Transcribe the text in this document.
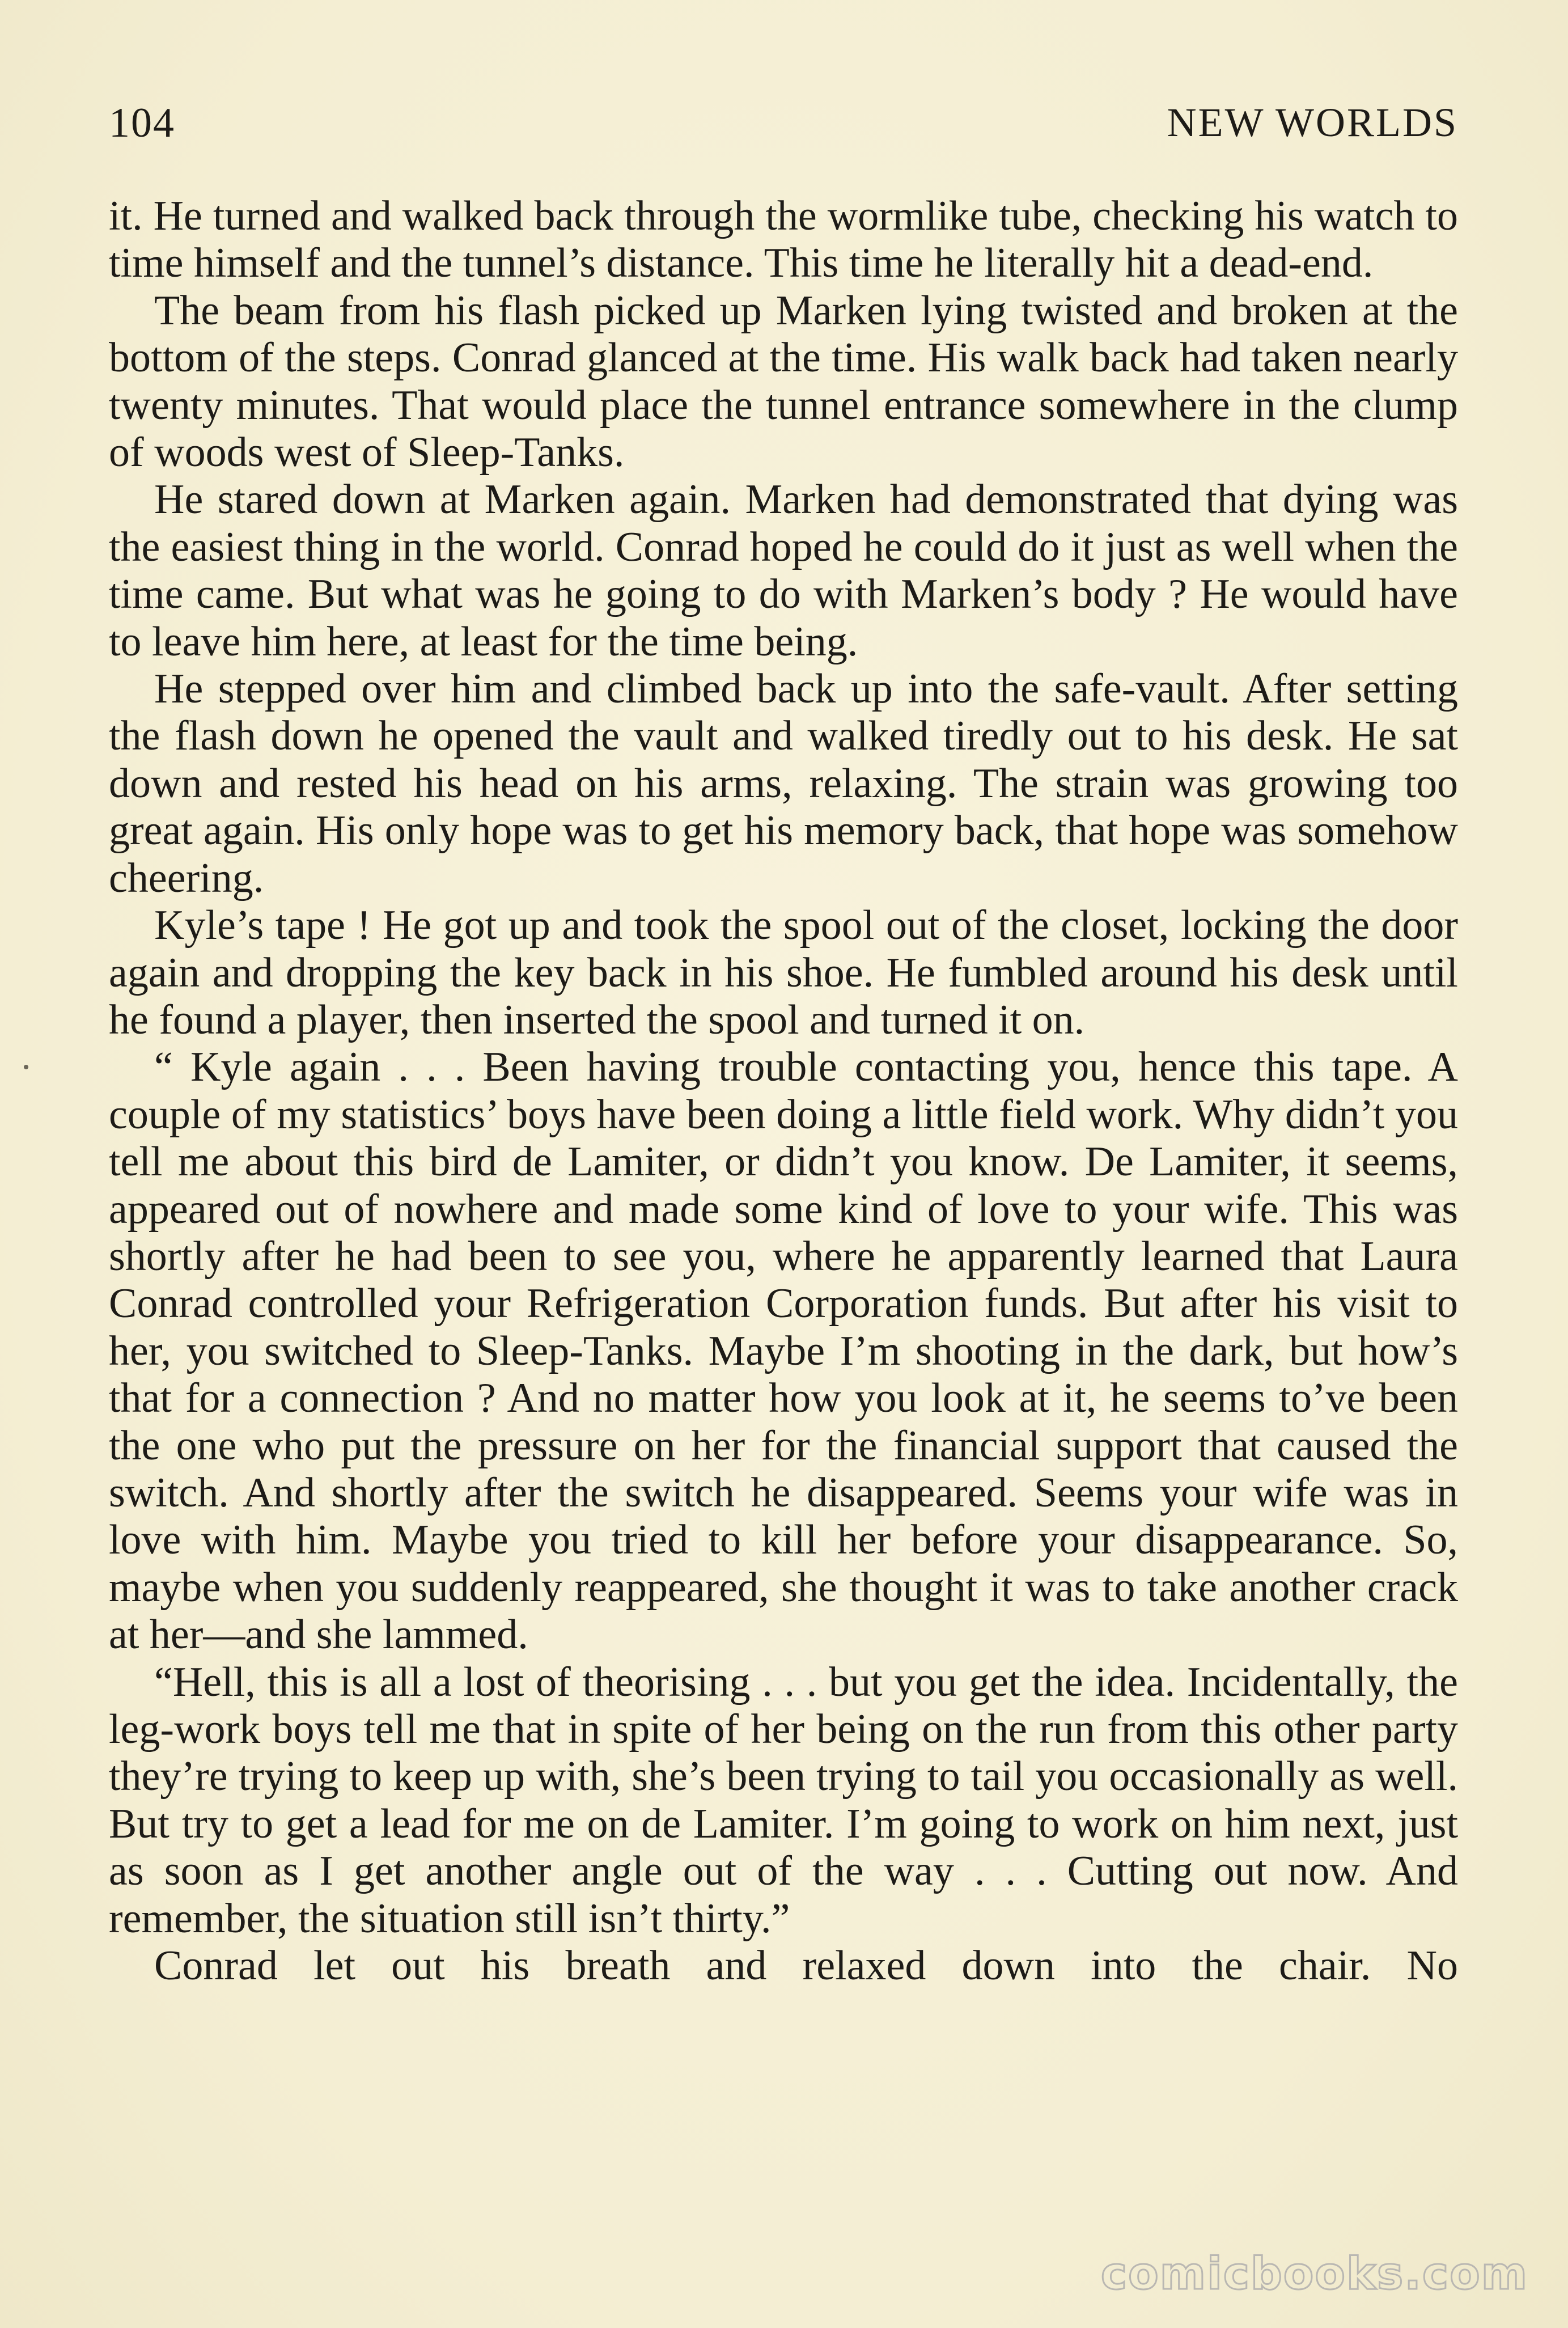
104	NEW WORLDS

it. He turned and walked back through the wormlike tube, checking his watch to time himself and the tunnel’s distance. This time he literally hit a dead-end.

The beam from his flash picked up Marken lying twisted and broken at the bottom of the steps. Conrad glanced at the time. His walk back had taken nearly twenty minutes. That would place the tunnel entrance somewhere in the clump of woods west of Sleep-Tanks.

He stared down at Marken again. Marken had demonstrated that dying was the easiest thing in the world. Conrad hoped he could do it just as well when the time came. But what was he going to do with Marken’s body ? He would have to leave him here, at least for the time being.

He stepped over him and climbed back up into the safe-vault. After setting the flash down he opened the vault and walked tiredly out to his desk. He sat down and rested his head on his arms, relaxing. The strain was growing too great again. His only hope was to get his memory back, that hope was somehow cheering.

Kyle’s tape ! He got up and took the spool out of the closet, locking the door again and dropping the key back in his shoe. He fumbled around his desk until he found a player, then inserted the spool and turned it on.

“ Kyle again . . . Been having trouble contacting you, hence this tape. A couple of my statistics’ boys have been doing a little field work. Why didn’t you tell me about this bird de Lamiter, or didn’t you know. De Lamiter, it seems, appeared out of nowhere and made some kind of love to your wife. This was shortly after he had been to see you, where he apparently learned that Laura Conrad controlled your Refrigeration Corporation funds. But after his visit to her, you switched to Sleep-Tanks. Maybe I’m shooting in the dark, but how’s that for a connection ? And no matter how you look at it, he seems to’ve been the one who put the pressure on her for the financial support that caused the switch. And shortly after the switch he disappeared. Seems your wife was in love with him. Maybe you tried to kill her before your disappearance. So, maybe when you suddenly reappeared, she thought it was to take another crack at her—and she lammed.

“Hell, this is all a lost of theorising . . . but you get the idea. Incidentally, the leg-work boys tell me that in spite of her being on the run from this other party they’re trying to keep up with, she’s been trying to tail you occasionally as well. But try to get a lead for me on de Lamiter. I’m going to work on him next, just as soon as I get another angle out of the way . . . Cutting out now. And remember, the situation still isn’t thirty.”

Conrad let out his breath and relaxed down into the chair. No

comicbooks.com
